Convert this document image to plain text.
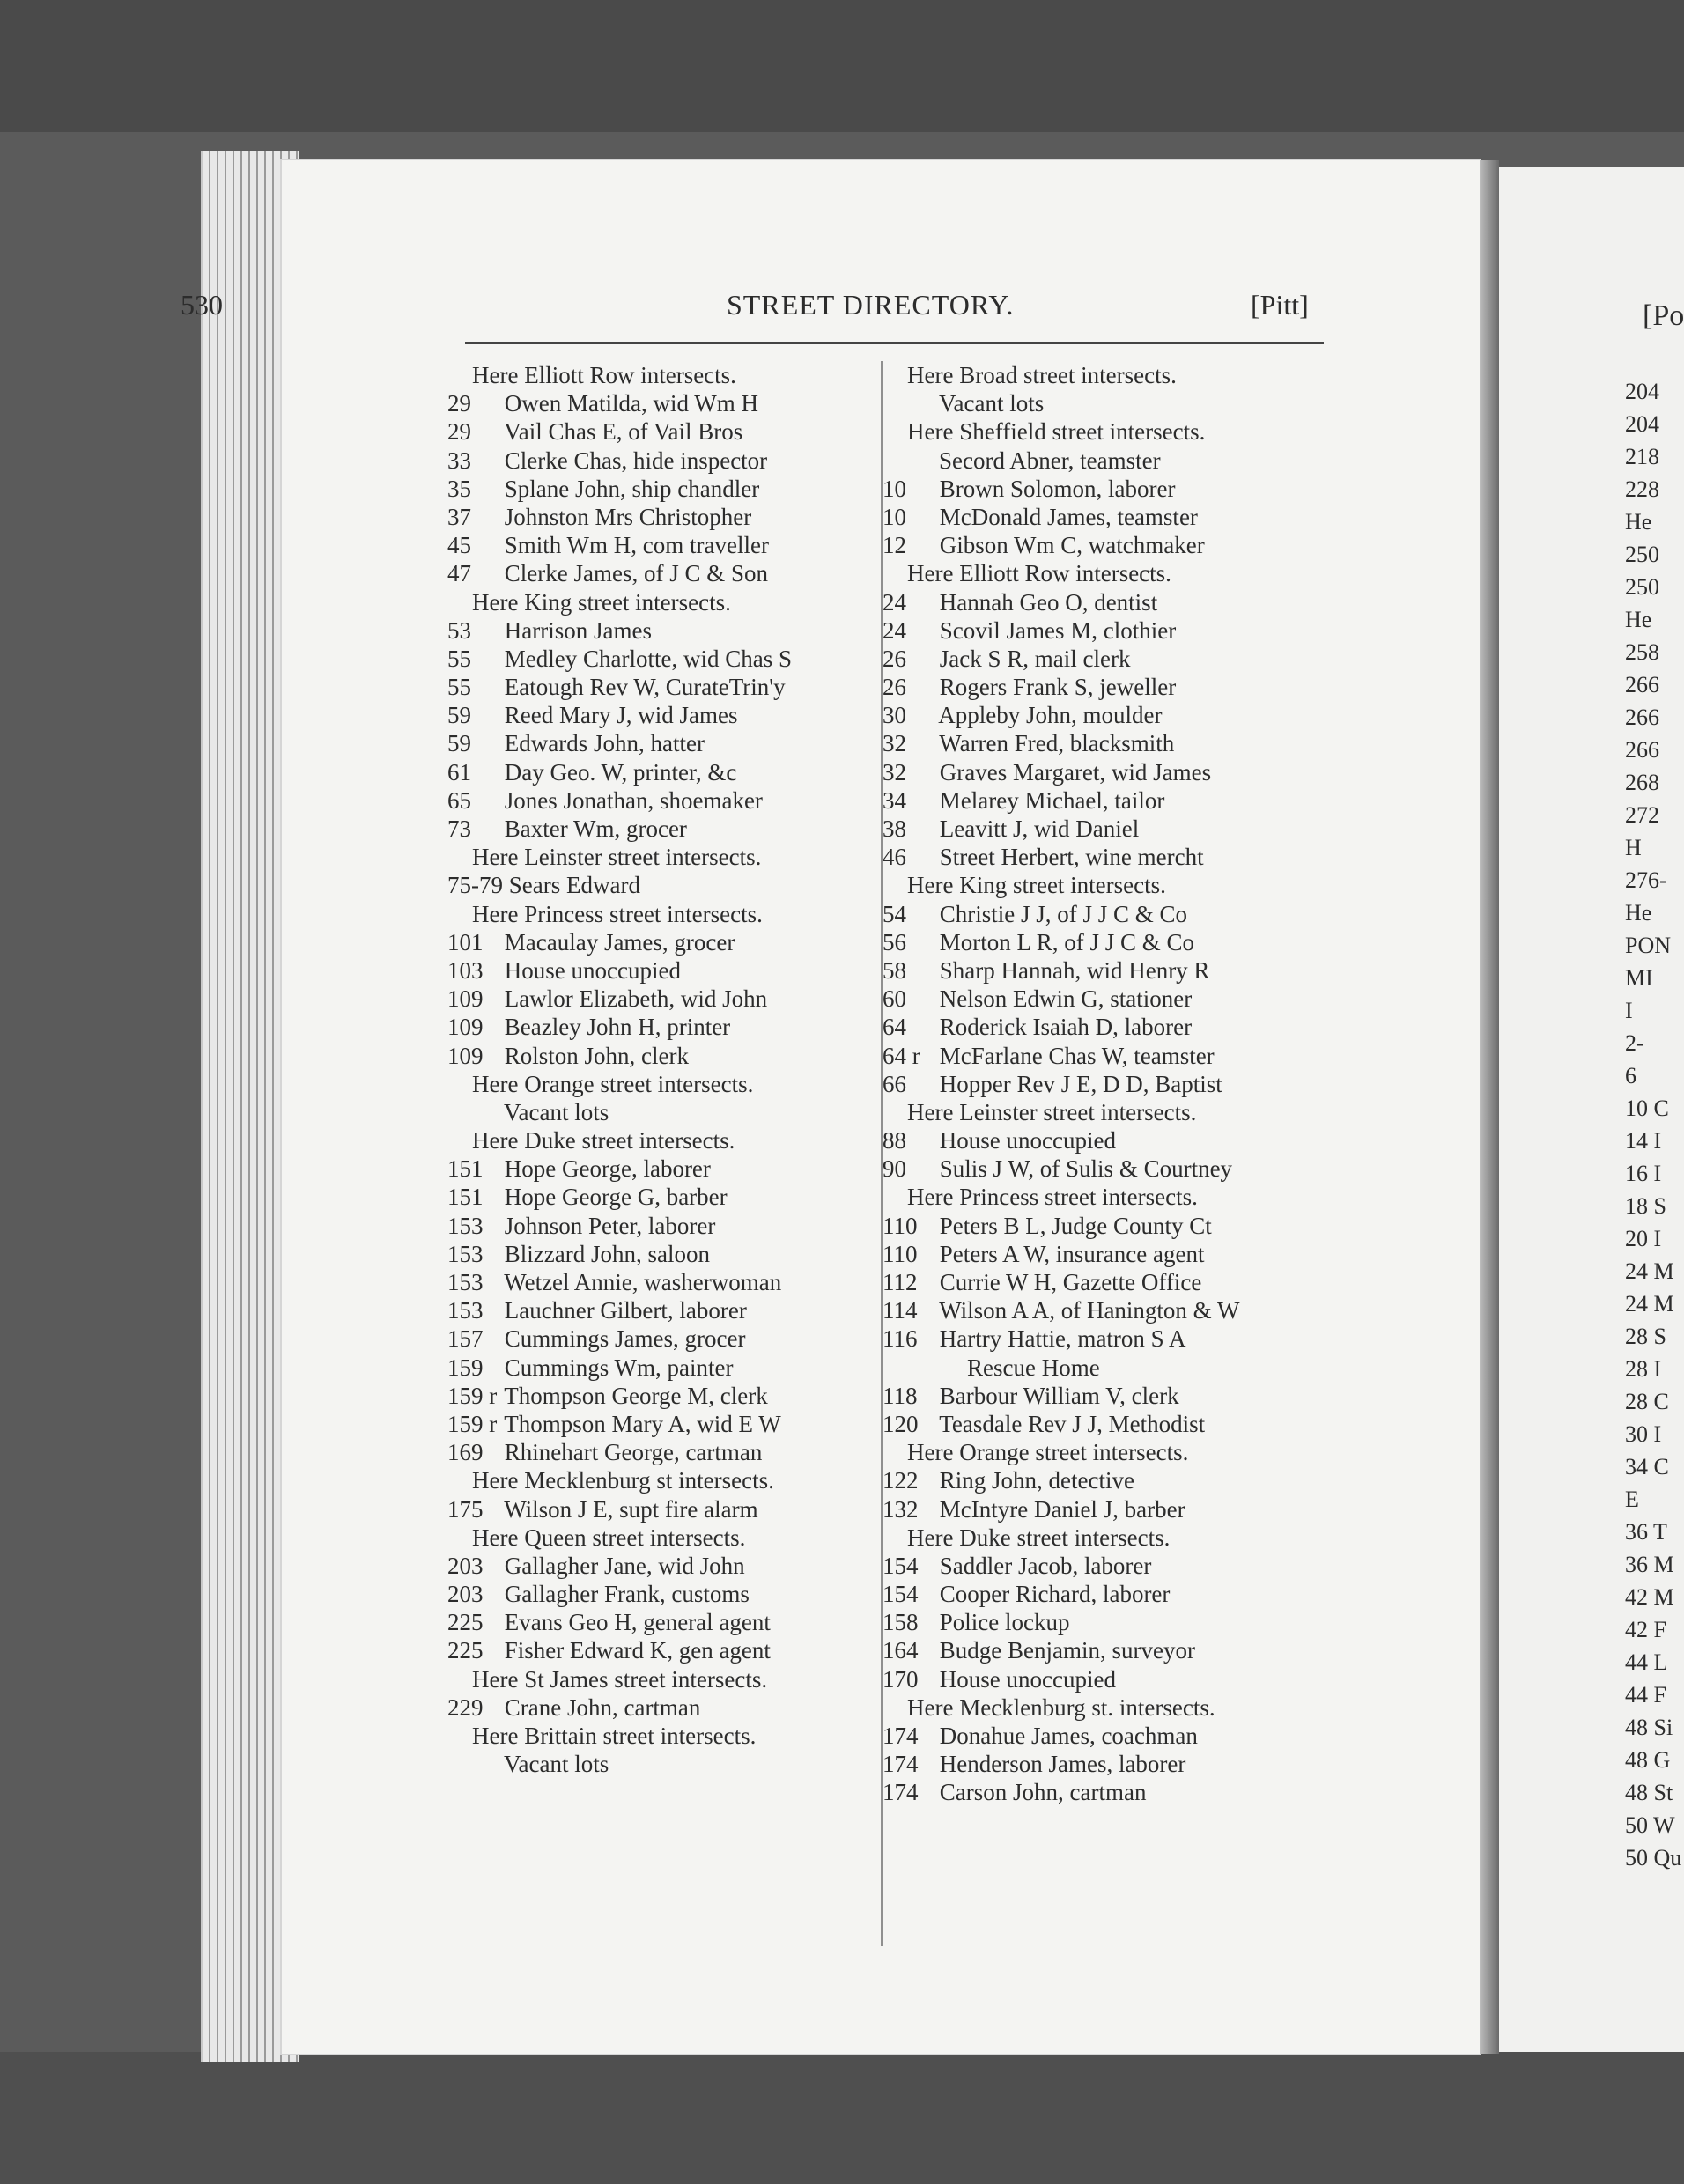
530	STREET DIRECTORY.	[Pitt]
Here Elliott Row intersects.
29 Owen Matilda, wid Wm H
29 Vail Chas E, of Vail Bros
33 Clerke Chas, hide inspector
35 Splane John, ship chandler
37 Johnston Mrs Christopher
45 Smith Wm H, com traveller
47 Clerke James, of J C & Son
Here King street intersects.
53 Harrison James
55 Medley Charlotte, wid Chas S
55 Eatough Rev W, CurateTrin'y
59 Reed Mary J, wid James
59 Edwards John, hatter
61 Day Geo. W, printer, &c
65 Jones Jonathan, shoemaker
73 Baxter Wm, grocer
Here Leinster street intersects.
75-79 Sears Edward
Here Princess street intersects.
101 Macaulay James, grocer
103 House unoccupied
109 Lawlor Elizabeth, wid John
109 Beazley John H, printer
109 Rolston John, clerk
Here Orange street intersects.
Vacant lots
Here Duke street intersects.
151 Hope George, laborer
151 Hope George G, barber
153 Johnson Peter, laborer
153 Blizzard John, saloon
153 Wetzel Annie, washerwoman
153 Lauchner Gilbert, laborer
157 Cummings James, grocer
159 Cummings Wm, painter
159 r Thompson George M, clerk
159 r Thompson Mary A, wid E W
169 Rhinehart George, cartman
Here Mecklenburg st intersects.
175 Wilson J E, supt fire alarm
Here Queen street intersects.
203 Gallagher Jane, wid John
203 Gallagher Frank, customs
225 Evans Geo H, general agent
225 Fisher Edward K, gen agent
Here St James street intersects.
229 Crane John, cartman
Here Brittain street intersects.
Vacant lots
Here Broad street intersects.
Vacant lots
Here Sheffield street intersects.
Secord Abner, teamster
10 Brown Solomon, laborer
10 McDonald James, teamster
12 Gibson Wm C, watchmaker
Here Elliott Row intersects.
24 Hannah Geo O, dentist
24 Scovil James M, clothier
26 Jack S R, mail clerk
26 Rogers Frank S, jeweller
30 Appleby John, moulder
32 Warren Fred, blacksmith
32 Graves Margaret, wid James
34 Melarey Michael, tailor
38 Leavitt J, wid Daniel
46 Street Herbert, wine mercht
Here King street intersects.
54 Christie J J, of J J C & Co
56 Morton L R, of J J C & Co
58 Sharp Hannah, wid Henry R
60 Nelson Edwin G, stationer
64 Roderick Isaiah D, laborer
64 r McFarlane Chas W, teamster
66 Hopper Rev J E, D D, Baptist
Here Leinster street intersects.
88 House unoccupied
90 Sulis J W, of Sulis & Courtney
Here Princess street intersects.
110 Peters B L, Judge County Ct
110 Peters A W, insurance agent
112 Currie W H, Gazette Office
114 Wilson A A, of Hanington & W
116 Hartry Hattie, matron S A
Rescue Home
118 Barbour William V, clerk
120 Teasdale Rev J J, Methodist
Here Orange street intersects.
122 Ring John, detective
132 McIntyre Daniel J, barber
Here Duke street intersects.
154 Saddler Jacob, laborer
154 Cooper Richard, laborer
158 Police lockup
164 Budge Benjamin, surveyor
170 House unoccupied
Here Mecklenburg st. intersects.
174 Donahue James, coachman
174 Henderson James, laborer
174 Carson John, cartman
[Po
204
204
218
228
He
250
250
He
258
266
266
266
268
272
H
276-
He
PON
MI
I
2-
6
10 C
14 I
16 I
18 S
20 I
24 M
24 M
28 S
28 I
28 C
30 I
34 C
E
36 T
36 M
42 M
42 F
44 L
44 F
48 Si
48 G
48 St
50 W
50 Qu
